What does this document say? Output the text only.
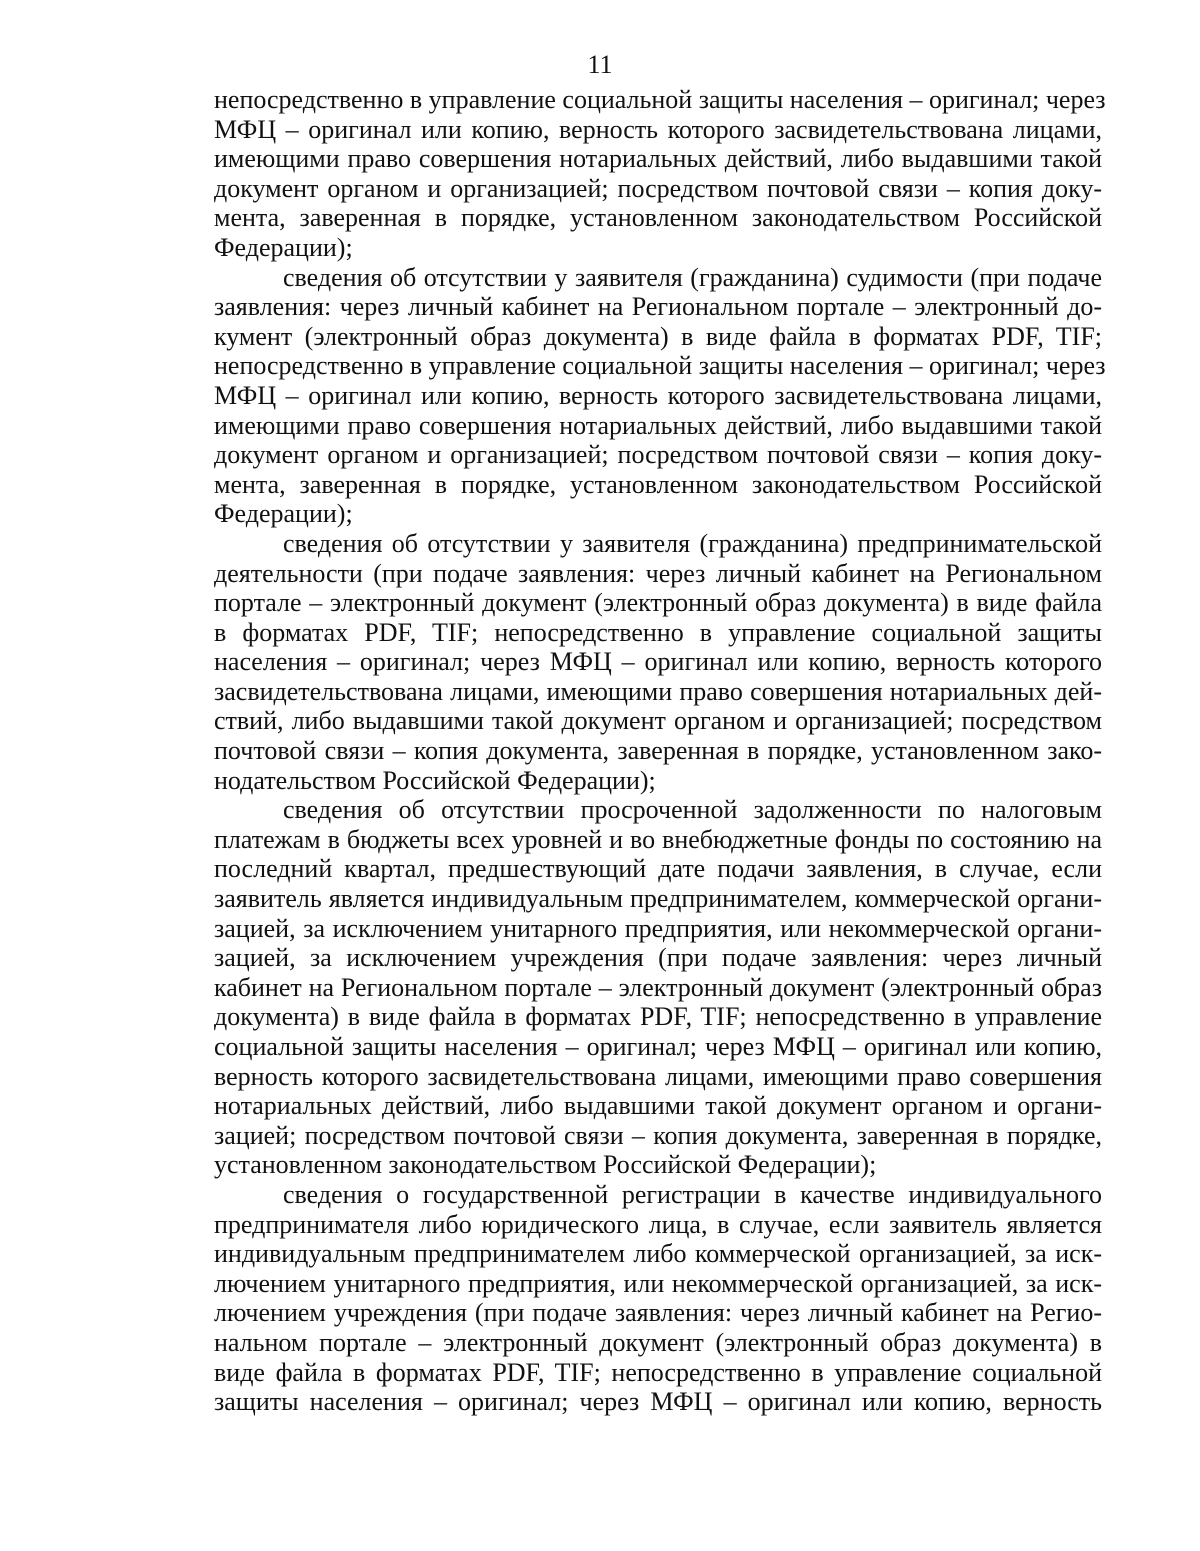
11
непосредственно в управление социальной защиты населения – оригинал; через
МФЦ – оригинал или копию, верность которого засвидетельствована лицами,
имеющими право совершения нотариальных действий, либо выдавшими такой
документ органом и организацией; посредством почтовой связи – копия доку-
мента, заверенная в порядке, установленном законодательством Российской
Федерации);
сведения об отсутствии у заявителя (гражданина) судимости (при подаче
заявления: через личный кабинет на Региональном портале – электронный до-
кумент (электронный образ документа) в виде файла в форматах PDF, TIF;
непосредственно в управление социальной защиты населения – оригинал; через
МФЦ – оригинал или копию, верность которого засвидетельствована лицами,
имеющими право совершения нотариальных действий, либо выдавшими такой
документ органом и организацией; посредством почтовой связи – копия доку-
мента, заверенная в порядке, установленном законодательством Российской
Федерации);
сведения об отсутствии у заявителя (гражданина) предпринимательской
деятельности (при подаче заявления: через личный кабинет на Региональном
портале – электронный документ (электронный образ документа) в виде файла
в форматах PDF, TIF; непосредственно в управление социальной защиты
населения – оригинал; через МФЦ – оригинал или копию, верность которого
засвидетельствована лицами, имеющими право совершения нотариальных дей-
ствий, либо выдавшими такой документ органом и организацией; посредством
почтовой связи – копия документа, заверенная в порядке, установленном зако-
нодательством Российской Федерации);
сведения об отсутствии просроченной задолженности по налоговым
платежам в бюджеты всех уровней и во внебюджетные фонды по состоянию на
последний квартал, предшествующий дате подачи заявления, в случае, если
заявитель является индивидуальным предпринимателем, коммерческой органи-
зацией, за исключением унитарного предприятия, или некоммерческой органи-
зацией, за исключением учреждения (при подаче заявления: через личный
кабинет на Региональном портале – электронный документ (электронный образ
документа) в виде файла в форматах PDF, TIF; непосредственно в управление
социальной защиты населения – оригинал; через МФЦ – оригинал или копию,
верность которого засвидетельствована лицами, имеющими право совершения
нотариальных действий, либо выдавшими такой документ органом и органи-
зацией; посредством почтовой связи – копия документа, заверенная в порядке,
установленном законодательством Российской Федерации);
сведения о государственной регистрации в качестве индивидуального
предпринимателя либо юридического лица, в случае, если заявитель является
индивидуальным предпринимателем либо коммерческой организацией, за иск-
лючением унитарного предприятия, или некоммерческой организацией, за иск-
лючением учреждения (при подаче заявления: через личный кабинет на Регио-
нальном портале – электронный документ (электронный образ документа) в
виде файла в форматах PDF, TIF; непосредственно в управление социальной
защиты населения – оригинал; через МФЦ – оригинал или копию, верность
